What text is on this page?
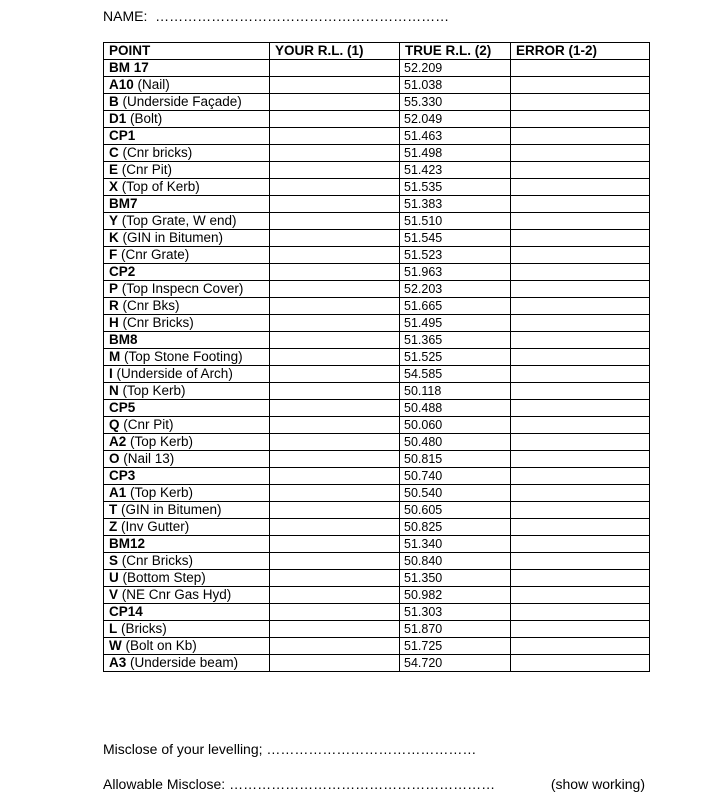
NAME: ………………………………………………………
POINT	YOUR R.L. (1)	TRUE R.L. (2)	ERROR (1-2)
BM 17		52.209	
A10 (Nail)		51.038	
B (Underside Façade)		55.330	
D1 (Bolt)		52.049	
CP1		51.463	
C (Cnr bricks)		51.498	
E (Cnr Pit)		51.423	
X (Top of Kerb)		51.535	
BM7		51.383	
Y (Top Grate, W end)		51.510	
K (GIN in Bitumen)		51.545	
F (Cnr Grate)		51.523	
CP2		51.963	
P (Top Inspecn Cover)		52.203	
R (Cnr Bks)		51.665	
H (Cnr Bricks)		51.495	
BM8		51.365	
M (Top Stone Footing)		51.525	
I (Underside of Arch)		54.585	
N (Top Kerb)		50.118	
CP5		50.488	
Q (Cnr Pit)		50.060	
A2 (Top Kerb)		50.480	
O (Nail 13)		50.815	
CP3		50.740	
A1 (Top Kerb)		50.540	
T (GIN in Bitumen)		50.605	
Z (Inv Gutter)		50.825	
BM12		51.340	
S (Cnr Bricks)		50.840	
U (Bottom Step)		51.350	
V (NE Cnr Gas Hyd)		50.982	
CP14		51.303	
L (Bricks)		51.870	
W (Bolt on Kb)		51.725	
A3 (Underside beam)		54.720	
Misclose of your levelling; ………………………………………
Allowable Misclose: …………………………………………………	(show working)
